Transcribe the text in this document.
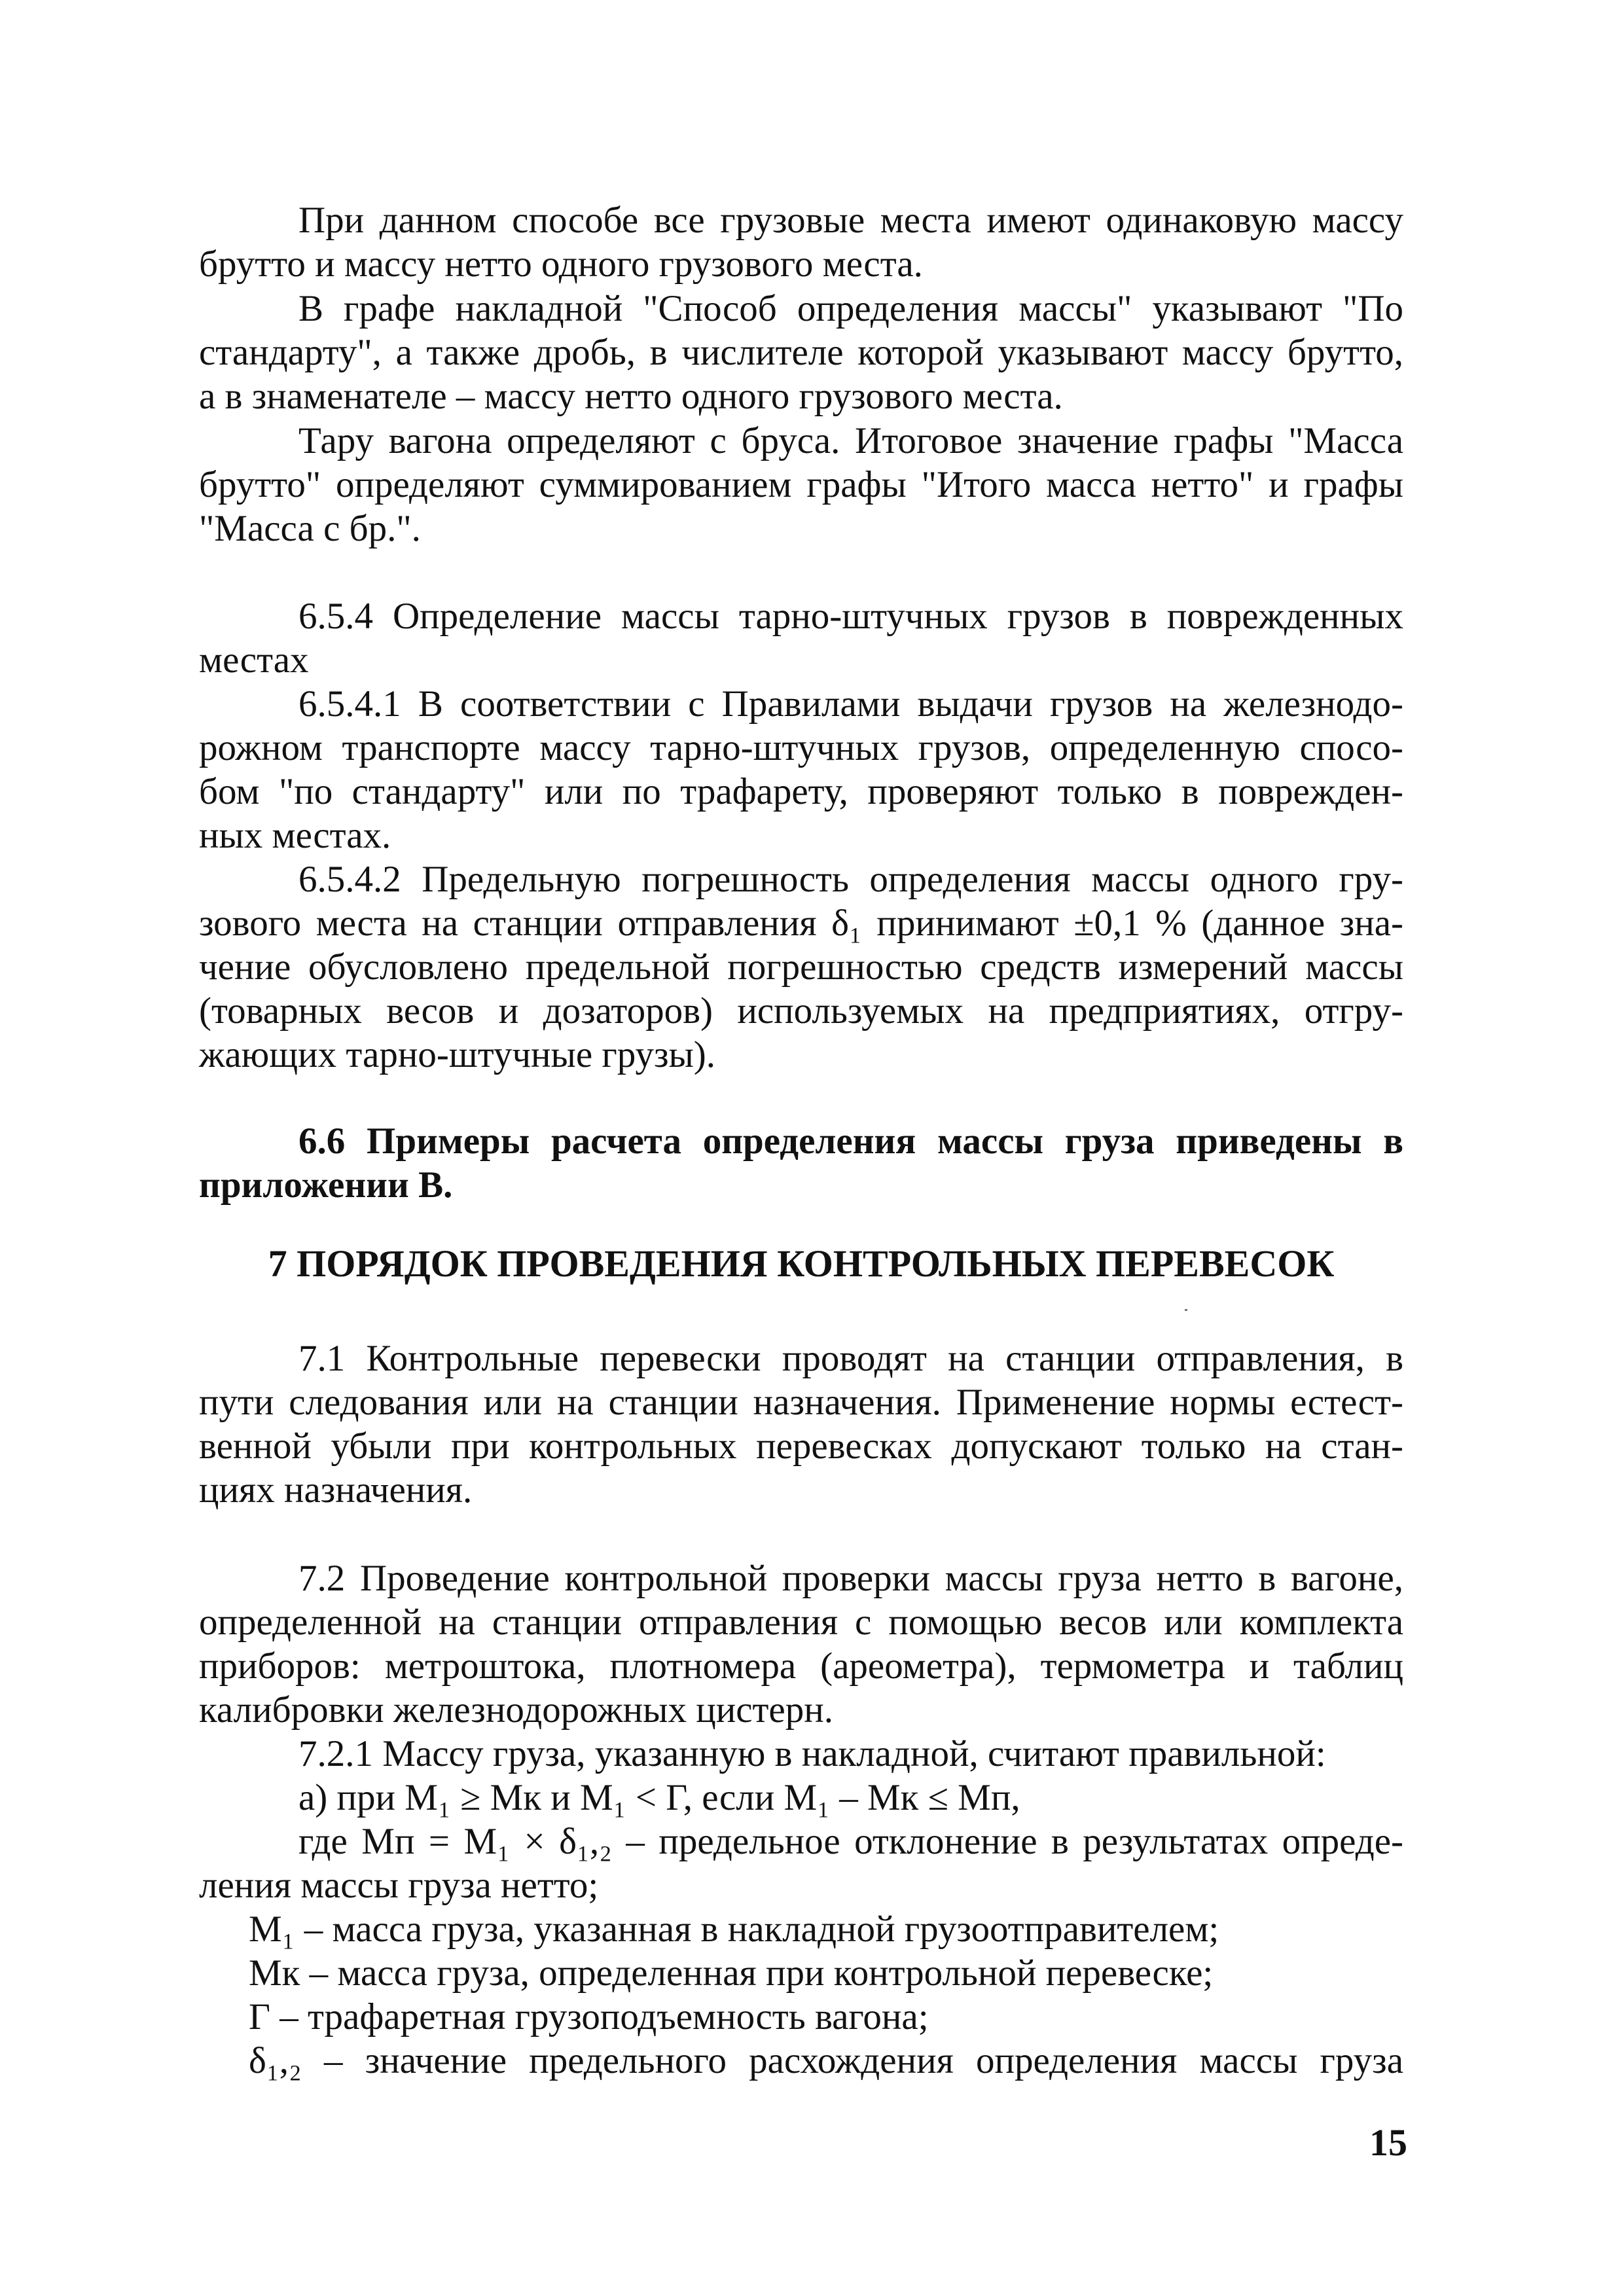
При данном способе все грузовые места имеют одинаковую массу
брутто и массу нетто одного грузового места.
В графе накладной "Способ определения массы" указывают "По
стандарту", а также дробь, в числителе которой указывают массу брутто,
а в знаменателе – массу нетто одного грузового места.
Тару вагона определяют с бруса. Итоговое значение графы "Масса
брутто" определяют суммированием графы "Итого масса нетто" и графы
"Масса с бр.".
6.5.4 Определение массы тарно-штучных грузов в поврежденных
местах
6.5.4.1 В соответствии с Правилами выдачи грузов на железнодо-
рожном транспорте массу тарно-штучных грузов, определенную спосо-
бом "по стандарту" или по трафарету, проверяют только в поврежден-
ных местах.
6.5.4.2 Предельную погрешность определения массы одного гру-
зового места на станции отправления δ₁ принимают ±0,1 % (данное зна-
чение обусловлено предельной погрешностью средств измерений массы
(товарных весов и дозаторов) используемых на предприятиях, отгру-
жающих тарно-штучные грузы).
6.6 Примеры расчета определения массы груза приведены в
приложении В.
7 ПОРЯДОК ПРОВЕДЕНИЯ КОНТРОЛЬНЫХ ПЕРЕВЕСОК
7.1 Контрольные перевески проводят на станции отправления, в
пути следования или на станции назначения. Применение нормы естест-
венной убыли при контрольных перевесках допускают только на стан-
циях назначения.
7.2 Проведение контрольной проверки массы груза нетто в вагоне,
определенной на станции отправления с помощью весов или комплекта
приборов: метроштока, плотномера (ареометра), термометра и таблиц
калибровки железнодорожных цистерн.
7.2.1 Массу груза, указанную в накладной, считают правильной:
а) при M₁ ≥ Mк и M₁ < Г, если M₁ – Mк ≤ Mп,
где Mп = M₁ × δ₁,₂ – предельное отклонение в результатах опреде-
ления массы груза нетто;
M₁ – масса груза, указанная в накладной грузоотправителем;
Mк – масса груза, определенная при контрольной перевеске;
Г – трафаретная грузоподъемность вагона;
δ₁,₂ – значение предельного расхождения определения массы груза
15
